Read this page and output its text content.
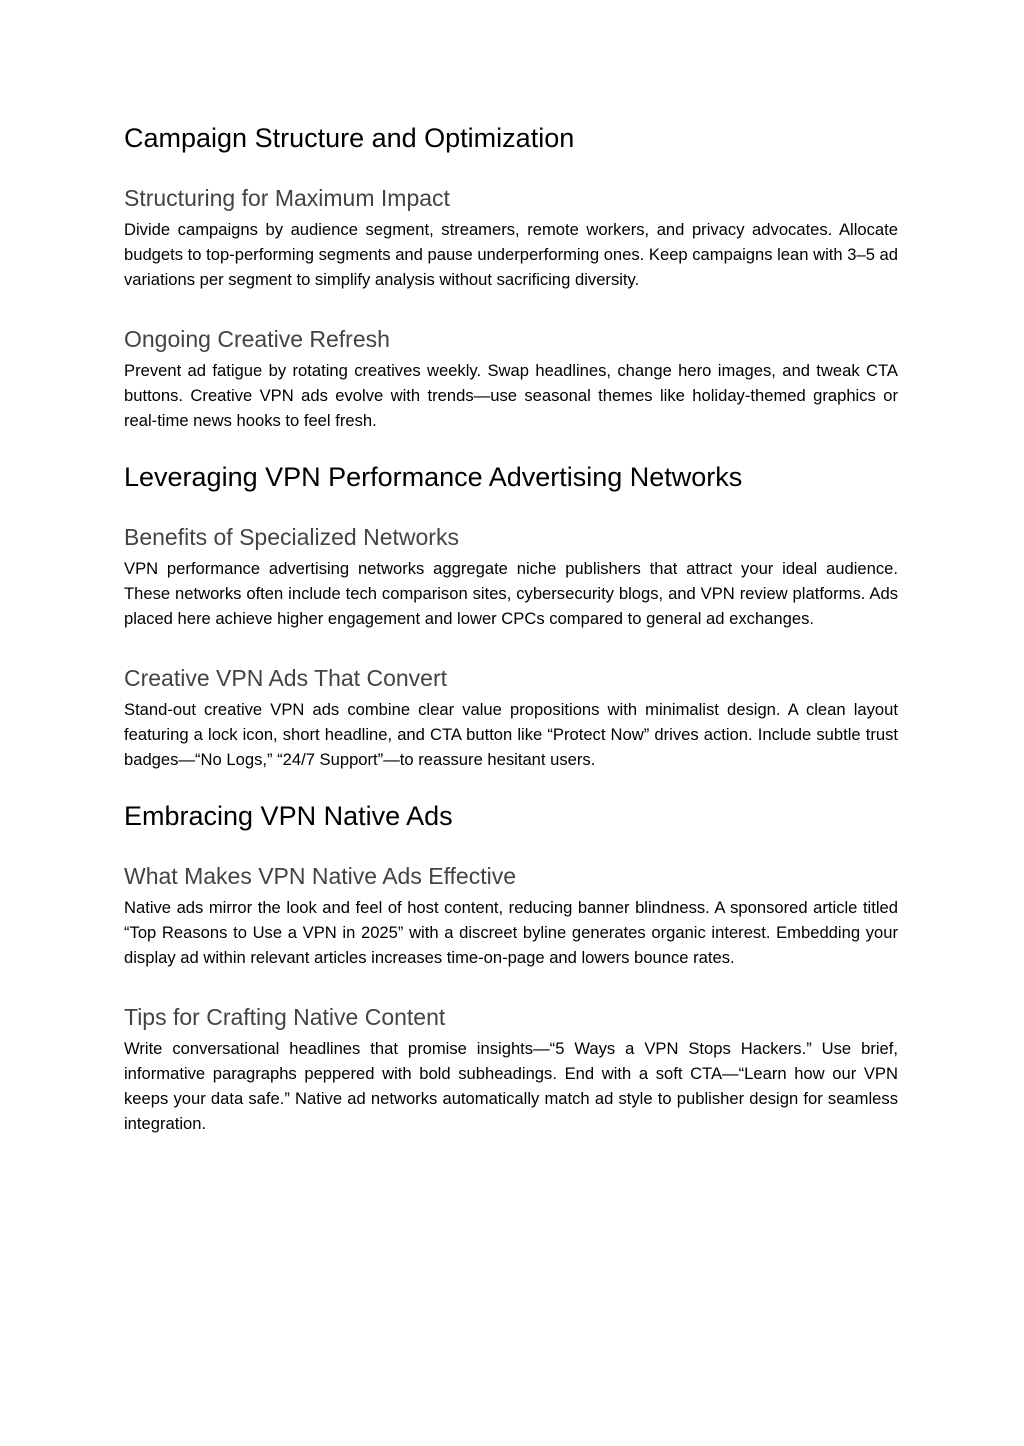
Campaign Structure and Optimization
Structuring for Maximum Impact

Divide campaigns by audience segment, streamers, remote workers, and privacy advocates. Allocate budgets to top‑performing segments and pause underperforming ones. Keep campaigns lean with 3–5 ad variations per segment to simplify analysis without sacrificing diversity.

Ongoing Creative Refresh

Prevent ad fatigue by rotating creatives weekly. Swap headlines, change hero images, and tweak CTA buttons. Creative VPN ads evolve with trends—use seasonal themes like holiday‑themed graphics or real‑time news hooks to feel fresh.

Leveraging VPN Performance Advertising Networks
Benefits of Specialized Networks

VPN performance advertising networks aggregate niche publishers that attract your ideal audience. These networks often include tech comparison sites, cybersecurity blogs, and VPN review platforms. Ads placed here achieve higher engagement and lower CPCs compared to general ad exchanges.

Creative VPN Ads That Convert

Stand‑out creative VPN ads combine clear value propositions with minimalist design. A clean layout featuring a lock icon, short headline, and CTA button like “Protect Now” drives action. Include subtle trust badges—“No Logs,” “24/7 Support”—to reassure hesitant users.

Embracing VPN Native Ads
What Makes VPN Native Ads Effective

Native ads mirror the look and feel of host content, reducing banner blindness. A sponsored article titled “Top Reasons to Use a VPN in 2025” with a discreet byline generates organic interest. Embedding your display ad within relevant articles increases time‑on‑page and lowers bounce rates.

Tips for Crafting Native Content

Write conversational headlines that promise insights—“5 Ways a VPN Stops Hackers.” Use brief, informative paragraphs peppered with bold subheadings. End with a soft CTA—“Learn how our VPN keeps your data safe.” Native ad networks automatically match ad style to publisher design for seamless integration.
